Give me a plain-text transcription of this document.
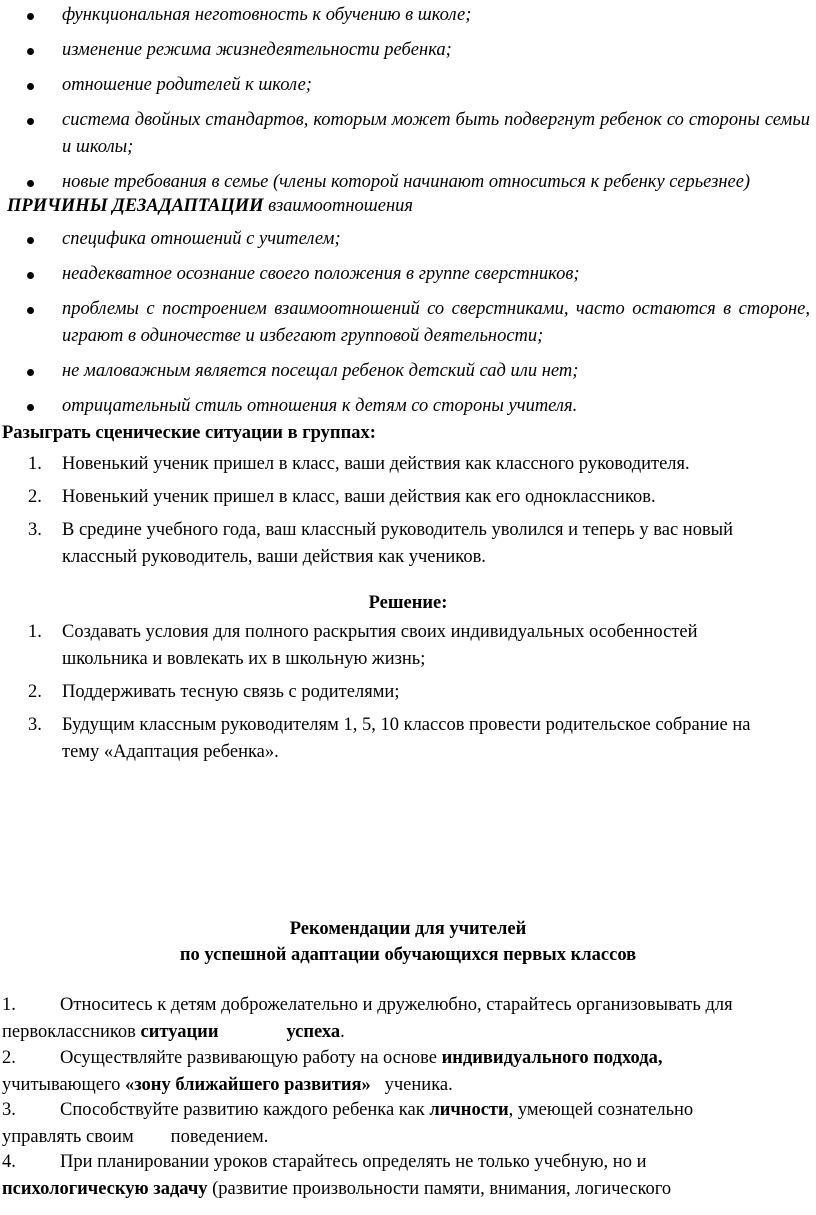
функциональная неготовность к обучению в школе;
изменение режима жизнедеятельности ребенка;
отношение родителей к школе;
система двойных стандартов, которым может быть подвергнут ребенок со стороны семьи и школы;
новые требования в семье (члены которой начинают относиться к ребенку серьезнее)
ПРИЧИНЫ ДЕЗАДАПТАЦИИ взаимоотношения
специфика отношений с учителем;
неадекватное осознание своего положения в группе сверстников;
проблемы с построением взаимоотношений со сверстниками, часто остаются в стороне, играют в одиночестве и избегают групповой деятельности;
не маловажным является посещал ребенок детский сад или нет;
отрицательный стиль отношения к детям со стороны учителя.
Разыграть сценические ситуации в группах:
1. Новенький ученик пришел в класс, ваши действия как классного руководителя.
2. Новенький ученик пришел в класс, ваши действия как его одноклассников.
3. В средине учебного года, ваш классный руководитель уволился и теперь у вас новый классный руководитель, ваши действия как учеников.
Решение:
1. Создавать условия для полного раскрытия своих индивидуальных особенностей школьника и вовлекать их в школьную жизнь;
2. Поддерживать тесную связь с родителями;
3. Будущим классным руководителям 1, 5, 10 классов провести родительское собрание на тему «Адаптация ребенка».
Рекомендации для учителей
по успешной адаптации обучающихся первых классов
1. Относитесь к детям доброжелательно и дружелюбно, старайтесь организовывать для
первоклассников ситуации	успеха.
2. Осуществляйте развивающую работу на основе индивидуального подхода,
учитывающего «зону ближайшего развития»   ученика.
3. Способствуйте развитию каждого ребенка как личности, умеющей сознательно
управлять своим        поведением.
4. При планировании уроков старайтесь определять не только учебную, но и
психологическую задачу (развитие произвольности памяти, внимания, логического
